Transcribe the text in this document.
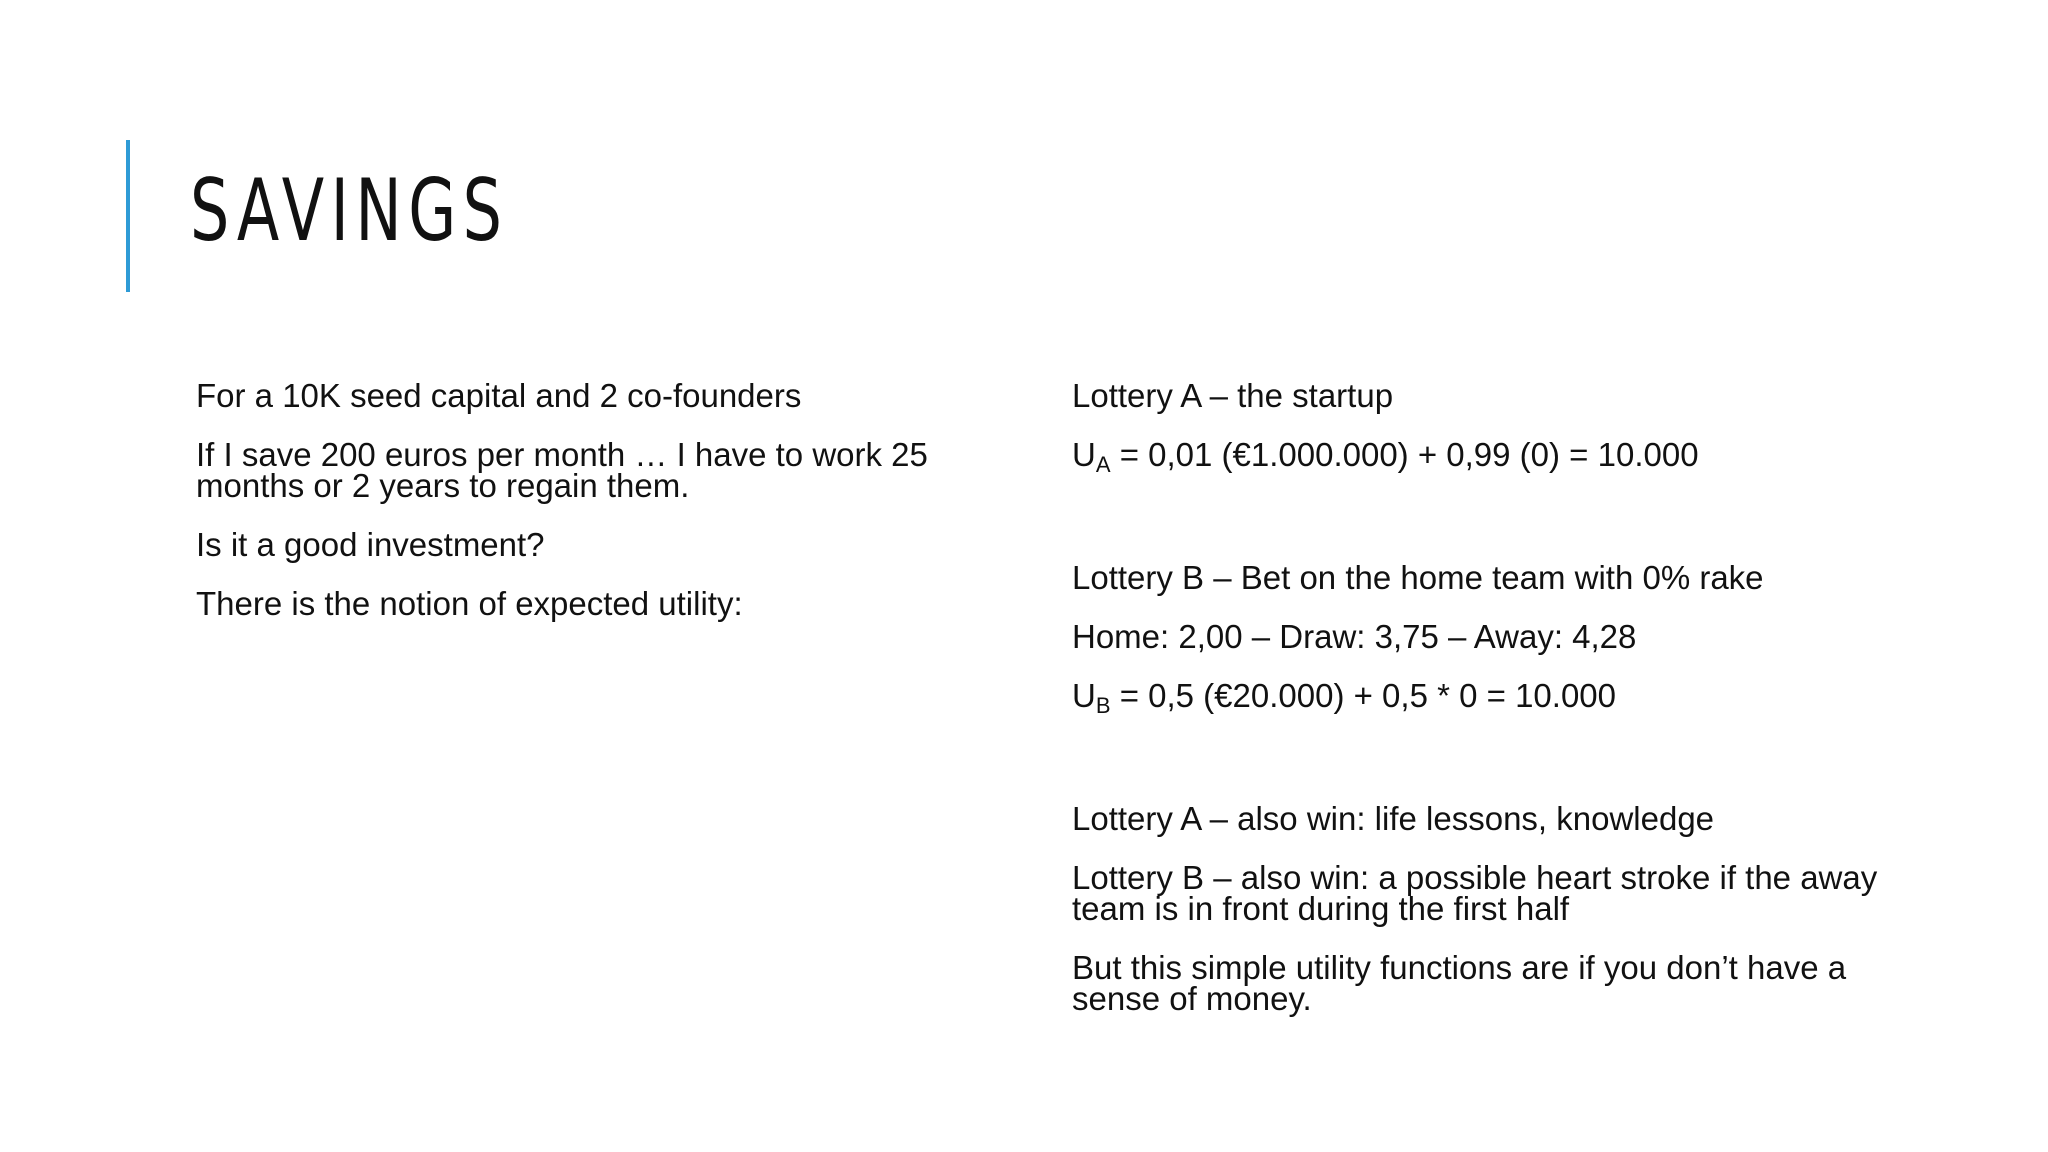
SAVINGS

For a 10K seed capital and 2 co-founders

If I save 200 euros per month … I have to work 25 months or 2 years to regain them.

Is it a good investment?

There is the notion of expected utility:

Lottery A – the startup

$U_A = 0,01$ (€1.000.000) + 0,99 (0) = 10.000

Lottery B – Bet on the home team with 0% rake

Home: 2,00 – Draw: 3,75 – Away: 4,28

$U_B = 0,5$ (€20.000) + 0,5 * 0 = 10.000

Lottery A – also win: life lessons, knowledge

Lottery B – also win: a possible heart stroke if the away team is in front during the first half

But this simple utility functions are if you don’t have a sense of money.
